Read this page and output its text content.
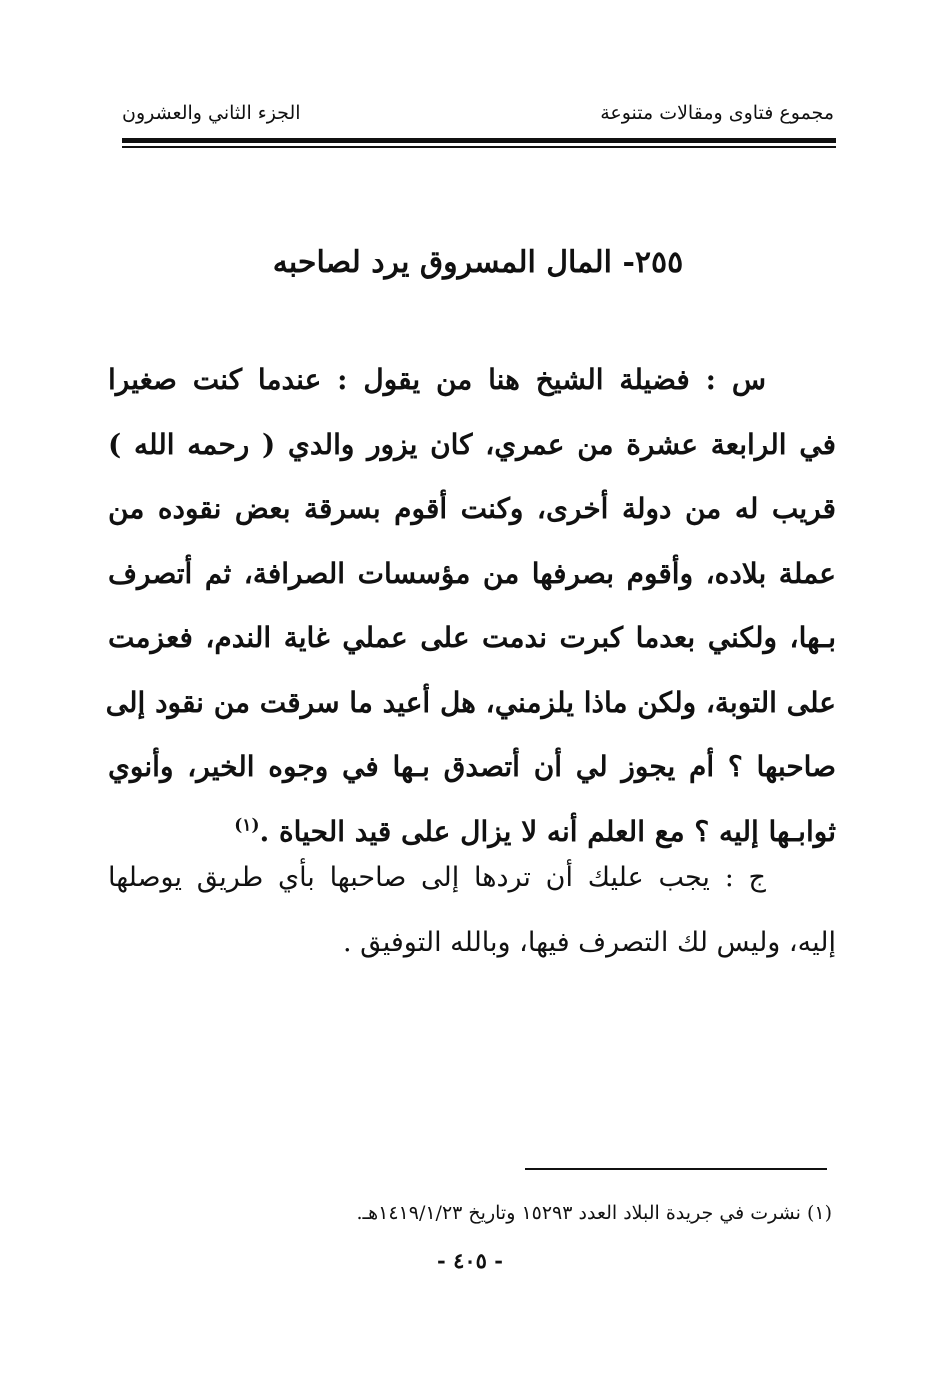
مجموع فتاوى ومقالات متنوعة
الجزء الثاني والعشرون
٢٥٥- المال المسروق يرد لصاحبه
س : فضيلة الشيخ هنا من يقول : عندما كنت صغيرا
في الرابعة عشرة من عمري، كان يزور والدي ( رحمه الله )
قريب له من دولة أخرى، وكنت أقوم بسرقة بعض نقوده من
عملة بلاده، وأقوم بصرفها من مؤسسات الصرافة، ثم أتصرف
بـها، ولكني بعدما كبرت ندمت على عملي غاية الندم، فعزمت
على التوبة، ولكن ماذا يلزمني، هل أعيد ما سرقت من نقود إلى
صاحبها ؟ أم يجوز لي أن أتصدق بـها في وجوه الخير، وأنوي
ثوابـها إليه ؟ مع العلم أنه لا يزال على قيد الحياة .$^{(١)}$
ج : يجب عليك أن تردها إلى صاحبها بأي طريق يوصلها
إليه، وليس لك التصرف فيها، وبالله التوفيق .
(١) نشرت في جريدة البلاد العدد ١٥٢٩٣ وتاريخ ١٤١٩/١/٢٣هـ.
- ٤٠٥ -
